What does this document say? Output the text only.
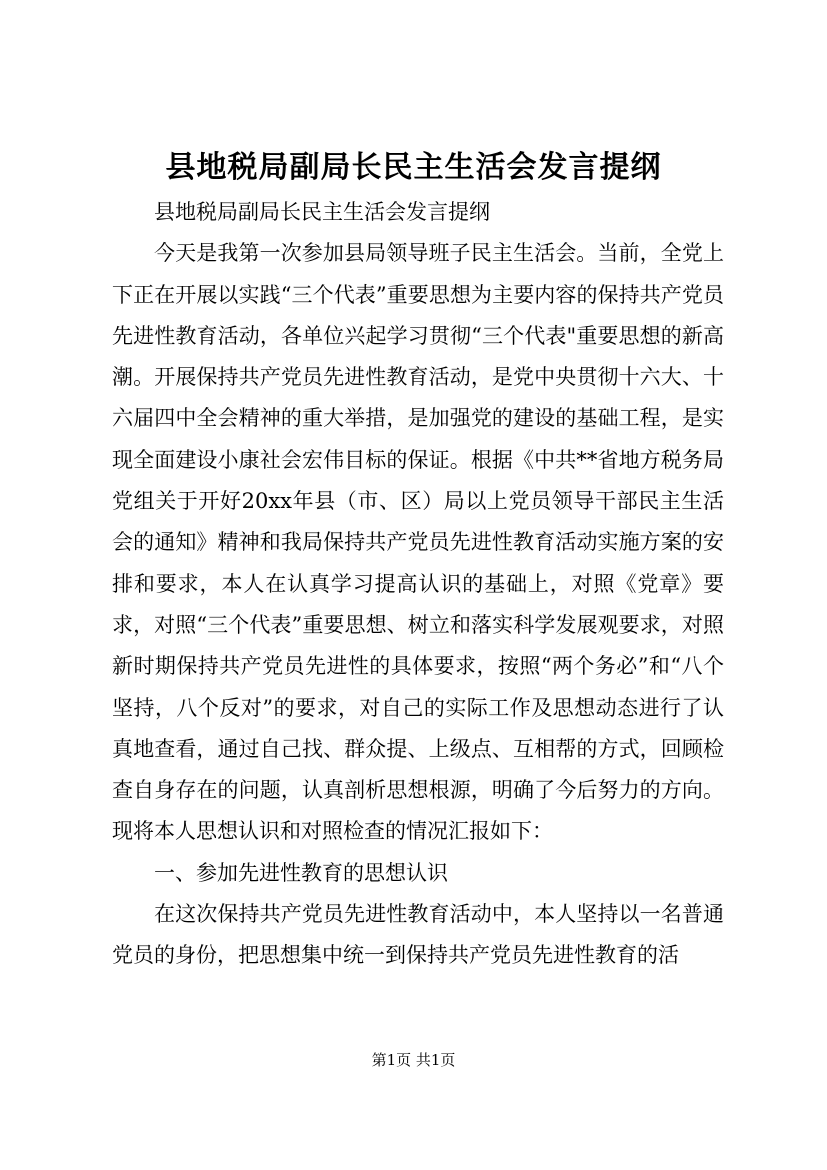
县地税局副局长民主生活会发言提纲

县地税局副局长民主生活会发言提纲

今天是我第一次参加县局领导班子民主生活会。当前，全党上下正在开展以实践“三个代表”重要思想为主要内容的保持共产党员先进性教育活动，各单位兴起学习贯彻“三个代表"重要思想的新高潮。开展保持共产党员先进性教育活动，是党中央贯彻十六大、十六届四中全会精神的重大举措，是加强党的建设的基础工程，是实现全面建设小康社会宏伟目标的保证。根据《中共**省地方税务局党组关于开好20xx年县（市、区）局以上党员领导干部民主生活会的通知》精神和我局保持共产党员先进性教育活动实施方案的安排和要求，本人在认真学习提高认识的基础上，对照《党章》要求，对照“三个代表”重要思想、树立和落实科学发展观要求，对照新时期保持共产党员先进性的具体要求，按照“两个务必”和“八个坚持，八个反对”的要求，对自己的实际工作及思想动态进行了认真地查看，通过自己找、群众提、上级点、互相帮的方式，回顾检查自身存在的问题，认真剖析思想根源，明确了今后努力的方向。现将本人思想认识和对照检查的情况汇报如下：

一、参加先进性教育的思想认识

在这次保持共产党员先进性教育活动中，本人坚持以一名普通党员的身份，把思想集中统一到保持共产党员先进性教育的活

第1页 共1页
